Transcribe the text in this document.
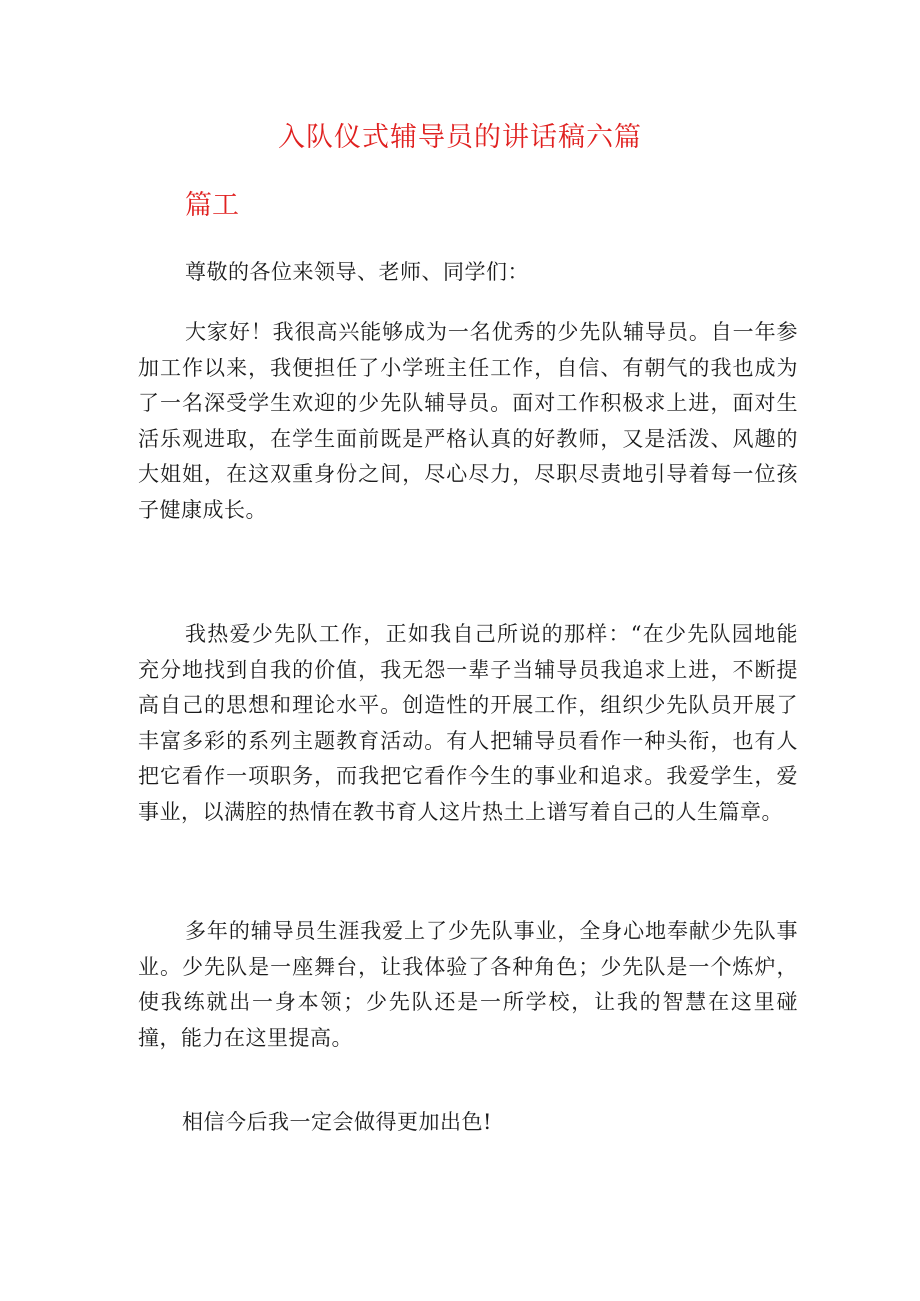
入队仪式辅导员的讲话稿六篇
篇工

尊敬的各位来领导、老师、同学们：

大家好！我很高兴能够成为一名优秀的少先队辅导员。自一年参加工作以来，我便担任了小学班主任工作，自信、有朝气的我也成为了一名深受学生欢迎的少先队辅导员。面对工作积极求上进，面对生活乐观进取，在学生面前既是严格认真的好教师，又是活泼、风趣的大姐姐，在这双重身份之间，尽心尽力，尽职尽责地引导着每一位孩子健康成长。

我热爱少先队工作，正如我自己所说的那样：“在少先队园地能充分地找到自我的价值，我无怨一辈子当辅导员我追求上进，不断提高自己的思想和理论水平。创造性的开展工作，组织少先队员开展了丰富多彩的系列主题教育活动。有人把辅导员看作一种头衔，也有人把它看作一项职务，而我把它看作今生的事业和追求。我爱学生，爱事业，以满腔的热情在教书育人这片热土上谱写着自己的人生篇章。

多年的辅导员生涯我爱上了少先队事业，全身心地奉献少先队事业。少先队是一座舞台，让我体验了各种角色；少先队是一个炼炉，使我练就出一身本领；少先队还是一所学校，让我的智慧在这里碰撞，能力在这里提高。

相信今后我一定会做得更加出色!
